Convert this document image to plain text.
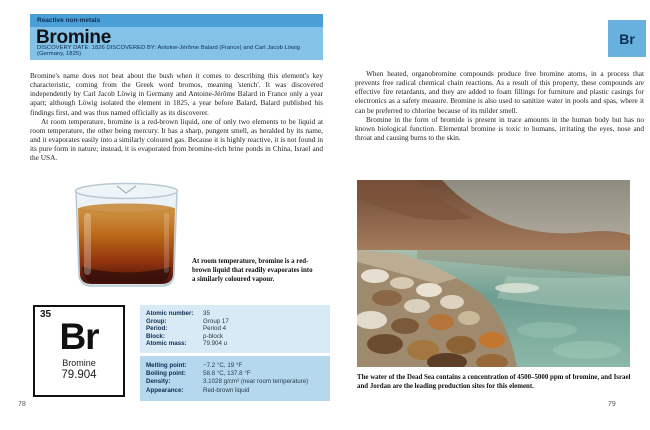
Reactive non-metals
Bromine
DISCOVERY DATE: 1826 DISCOVERED BY: Antoine-Jérôme Balard (France) and Carl Jacob Löwig (Germany, 1825)

Bromine's name does not beat about the bush when it comes to describing this element's key characteristic, coming from the Greek word bromos, meaning 'stench'. It was discovered independently by Carl Jacob Löwig in Germany and Antoine-Jérôme Balard in France only a year apart; although Löwig isolated the element in 1825, a year before Balard, Balard published his findings first, and was thus named officially as its discoverer.

At room temperature, bromine is a red-brown liquid, one of only two elements to be liquid at room temperature, the other being mercury. It has a sharp, pungent smell, as heralded by its name, and it evaporates easily into a similarly coloured gas. Because it is highly reactive, it is not found in its pure form in nature; instead, it is evaporated from bromine-rich brine ponds in China, Israel and the USA.

At room temperature, bromine is a red-brown liquid that readily evaporates into a similarly coloured vapour.
35
Br
Bromine
79.904
Atomic number:	35
Group:	Group 17
Period:	Period 4
Block:	p-block
Atomic mass:	79.904 u
Melting point:	−7.2 °C, 19 °F
Boiling point:	58.8 °C, 137.8 °F
Density:	3.1028 g/cm³ (near room temperature)
Appearance:	Red-brown liquid
78

When heated, organobromine compounds produce free bromine atoms, in a process that prevents free radical chemical chain reactions. As a result of this property, these compounds are effective fire retardants, and they are added to foam fillings for furniture and plastic casings for electronics as a safety measure. Bromine is also used to sanitize water in pools and spas, where it can be preferred to chlorine because of its milder smell.

Bromine in the form of bromide is present in trace amounts in the human body but has no known biological function. Elemental bromine is toxic to humans, irritating the eyes, nose and throat and causing burns to the skin.

The water of the Dead Sea contains a concentration of 4500–5000 ppm of bromine, and Israel and Jordan are the leading production sites for this element.
79
Br
